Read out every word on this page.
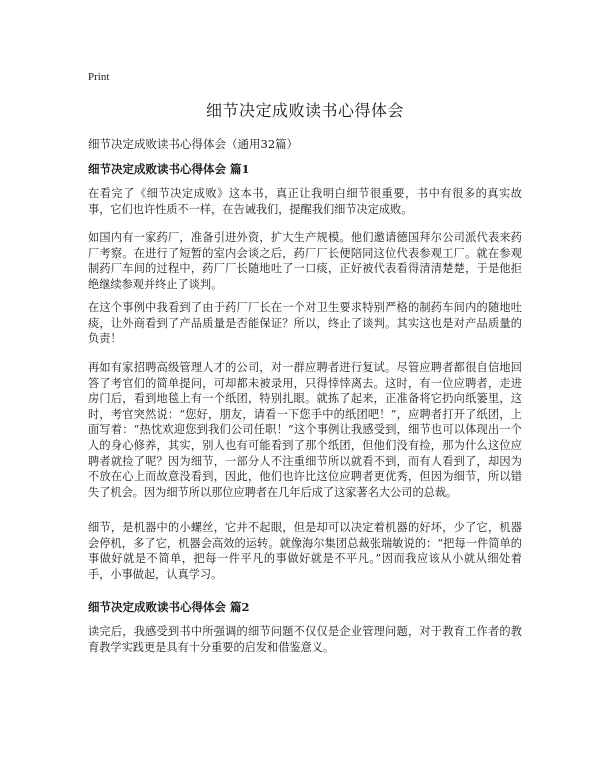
Print
细节决定成败读书心得体会
细节决定成败读书心得体会（通用32篇）
细节决定成败读书心得体会 篇1

在看完了《细节决定成败》这本书，真正让我明白细节很重要，书中有很多的真实故事，它们也许性质不一样，在告诫我们，提醒我们细节决定成败。

如国内有一家药厂，准备引进外资，扩大生产规模。他们邀请德国拜尔公司派代表来药厂考察。在进行了短暂的室内会谈之后，药厂厂长便陪同这位代表参观工厂。就在参观制药厂车间的过程中，药厂厂长随地吐了一口痰，正好被代表看得清清楚楚，于是他拒绝继续参观并终止了谈判。

在这个事例中我看到了由于药厂厂长在一个对卫生要求特别严格的制药车间内的随地吐痰，让外商看到了产品质量是否能保证？所以，终止了谈判。其实这也是对产品质量的负责！

再如有家招聘高级管理人才的公司，对一群应聘者进行复试。尽管应聘者都很自信地回答了考官们的简单提问，可却都未被录用，只得悻悻离去。这时，有一位应聘者，走进房门后，看到地毯上有一个纸团，特别扎眼。就拣了起来，正准备将它扔向纸篓里，这时，考官突然说：“您好，朋友，请看一下您手中的纸团吧！”，应聘者打开了纸团，上面写着：“热忱欢迎您到我们公司任职！”这个事例让我感受到，细节也可以体现出一个人的身心修养，其实，别人也有可能看到了那个纸团，但他们没有捡，那为什么这位应聘者就捡了呢？因为细节，一部分人不注重细节所以就看不到，而有人看到了，却因为不放在心上而故意没看到，因此，他们也许比这位应聘者更优秀，但因为细节，所以错失了机会。因为细节所以那位应聘者在几年后成了这家著名大公司的总裁。

细节，是机器中的小螺丝，它并不起眼，但是却可以决定着机器的好坏，少了它，机器会停机，多了它，机器会高效的运转。就像海尔集团总裁张瑞敏说的：“把每一件简单的事做好就是不简单，把每一件平凡的事做好就是不平凡。”因而我应该从小就从细处着手，小事做起，认真学习。

细节决定成败读书心得体会 篇2

读完后，我感受到书中所强调的细节问题不仅仅是企业管理问题，对于教育工作者的教育教学实践更是具有十分重要的启发和借鉴意义。
